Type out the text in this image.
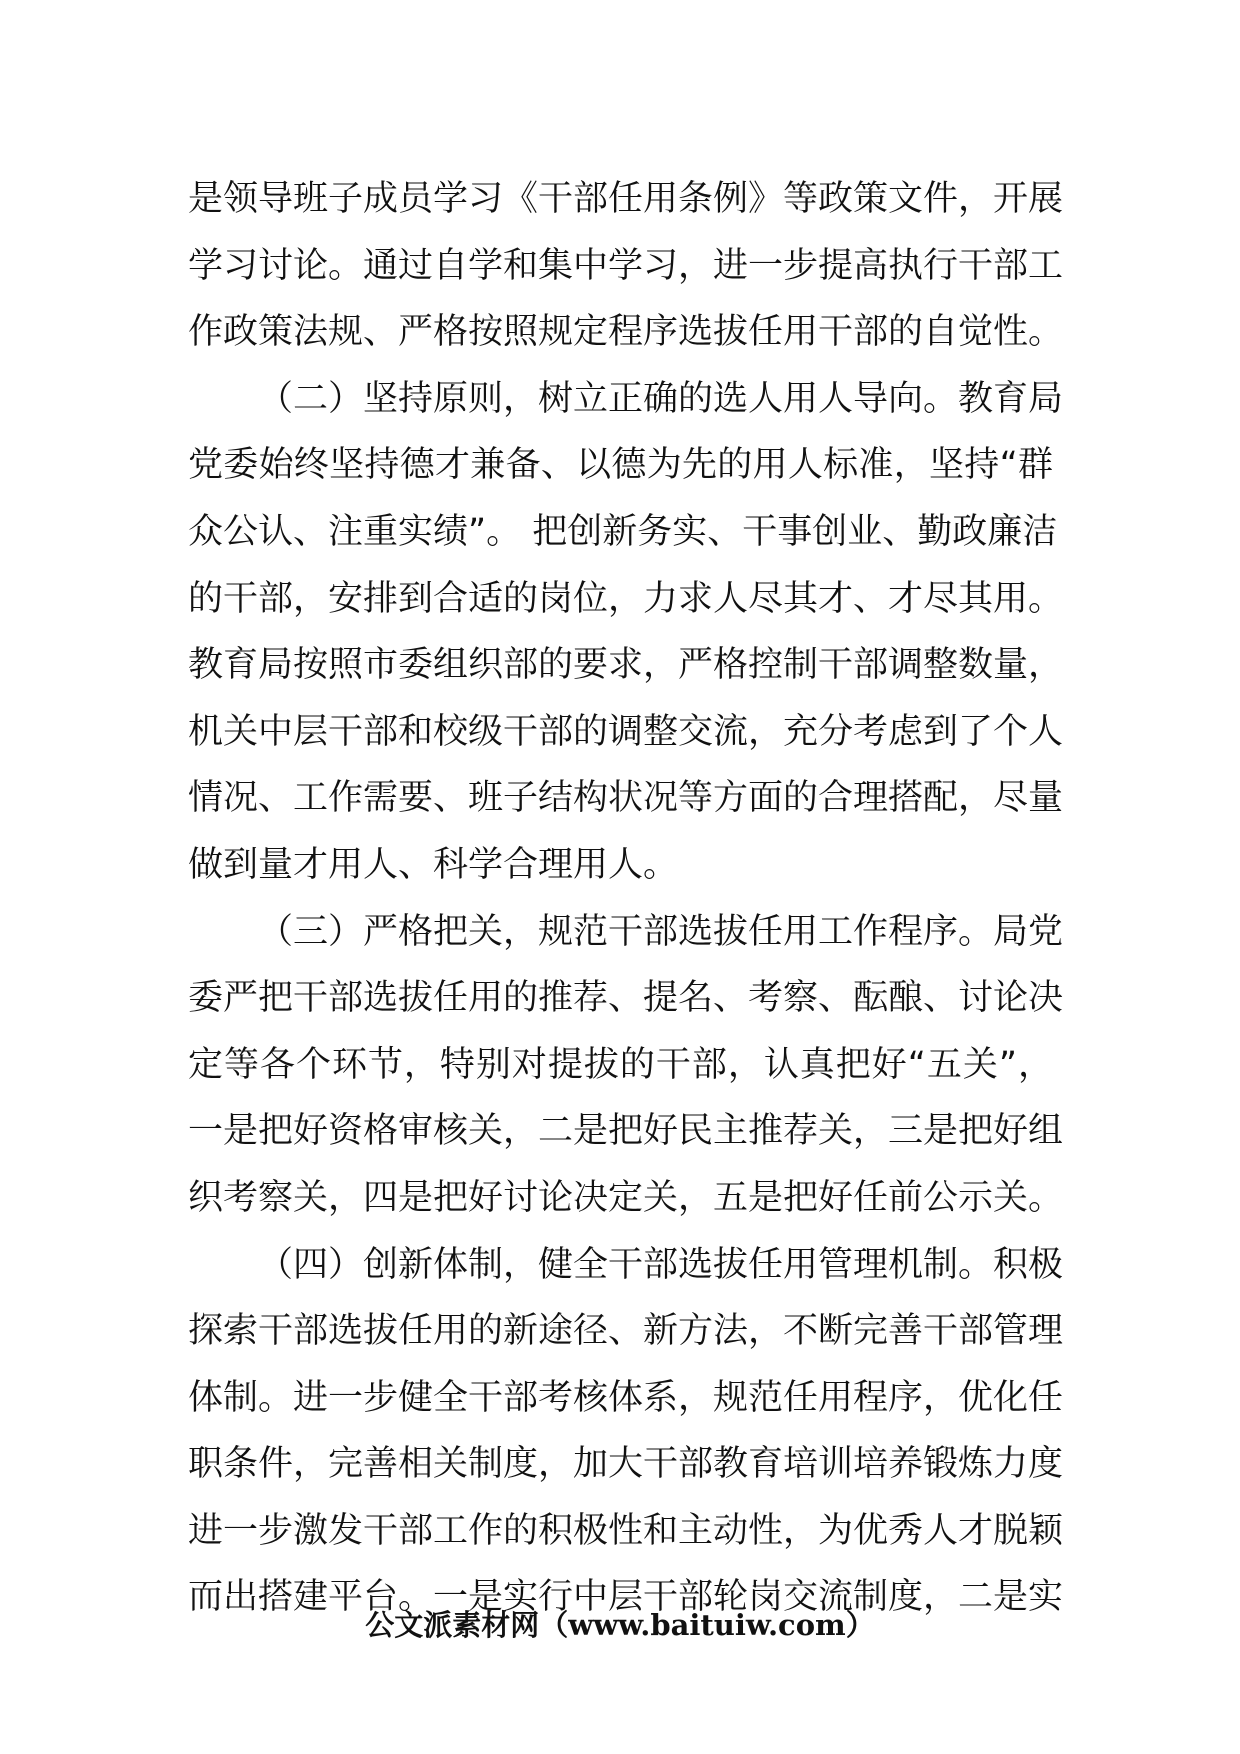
是领导班子成员学习《干部任用条例》等政策文件，开展
学习讨论。通过自学和集中学习，进一步提高执行干部工
作政策法规、严格按照规定程序选拔任用干部的自觉性。
（二）坚持原则，树立正确的选人用人导向。教育局
党委始终坚持德才兼备、以德为先的用人标准，坚持“群
众公认、注重实绩”。 把创新务实、干事创业、勤政廉洁
的干部，安排到合适的岗位，力求人尽其才、才尽其用。
教育局按照市委组织部的要求，严格控制干部调整数量，
机关中层干部和校级干部的调整交流，充分考虑到了个人
情况、工作需要、班子结构状况等方面的合理搭配，尽量
做到量才用人、科学合理用人。
（三）严格把关，规范干部选拔任用工作程序。局党
委严把干部选拔任用的推荐、提名、考察、酝酿、讨论决
定等各个环节，特别对提拔的干部，认真把好“五关”，
一是把好资格审核关，二是把好民主推荐关，三是把好组
织考察关，四是把好讨论决定关，五是把好任前公示关。
（四）创新体制，健全干部选拔任用管理机制。积极
探索干部选拔任用的新途径、新方法，不断完善干部管理
体制。进一步健全干部考核体系，规范任用程序，优化任
职条件，完善相关制度，加大干部教育培训培养锻炼力度
进一步激发干部工作的积极性和主动性，为优秀人才脱颖
而出搭建平台。一是实行中层干部轮岗交流制度，二是实
公文派素材网（www.baituiw.com）
